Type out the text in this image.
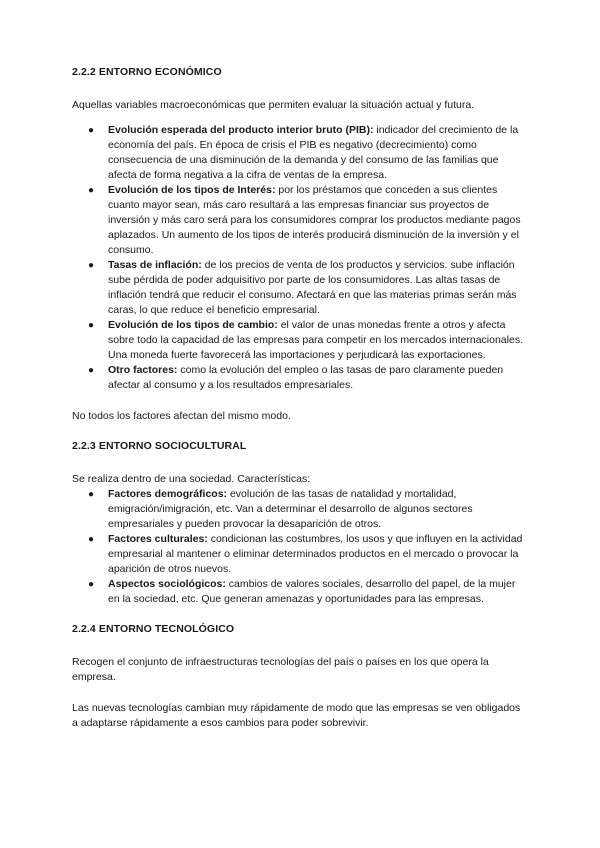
2.2.2 ENTORNO ECONÓMICO
Aquellas variables macroeconómicas que permiten evaluar la situación actual y futura.
● Evolución esperada del producto interior bruto (PIB): indicador del crecimiento de la economía del país. En época de crisis el PIB es negativo (decrecimiento) como consecuencia de una disminución de la demanda y del consumo de las familias que afecta de forma negativa a la cifra de ventas de la empresa.
● Evolución de los tipos de Interés: por los préstamos que conceden a sus clientes cuanto mayor sean, más caro resultará a las empresas financiar sus proyectos de inversión y más caro será para los consumidores comprar los productos mediante pagos aplazados. Un aumento de los tipos de interés producirá disminución de la inversión y el consumo.
● Tasas de inflación: de los precios de venta de los productos y servicios. sube inflación sube pérdida de poder adquisitivo por parte de los consumidores. Las altas tasas de inflación tendrá que reducir el consumo. Afectará en que las materias primas serán más caras, lo que reduce el beneficio empresarial.
● Evolución de los tipos de cambio: el valor de unas monedas frente a otros y afecta sobre todo la capacidad de las empresas para competir en los mercados internacionales. Una moneda fuerte favorecerá las importaciones y perjudicará las exportaciones.
● Otro factores: como la evolución del empleo o las tasas de paro claramente pueden afectar al consumo y a los resultados empresariales.
No todos los factores afectan del mismo modo.
2.2.3 ENTORNO SOCIOCULTURAL
Se realiza dentro de una sociedad. Características:
● Factores demográficos: evolución de las tasas de natalidad y mortalidad, emigración/imigración, etc. Van a determinar el desarrollo de algunos sectores empresariales y pueden provocar la desaparición de otros.
● Factores culturales: condicionan las costumbres, los usos y que influyen en la actividad empresarial al mantener o eliminar determinados productos en el mercado o provocar la aparición de otros nuevos.
● Aspectos sociológicos: cambios de valores sociales, desarrollo del papel, de la mujer en la sociedad, etc. Que generan amenazas y oportunidades para las empresas.
2.2.4 ENTORNO TECNOLÓGICO
Recogen el conjunto de infraestructuras tecnologías del país o países en los que opera la empresa.
Las nuevas tecnologías cambian muy rápidamente de modo que las empresas se ven obligados a adaptarse rápidamente a esos cambios para poder sobrevivir.
